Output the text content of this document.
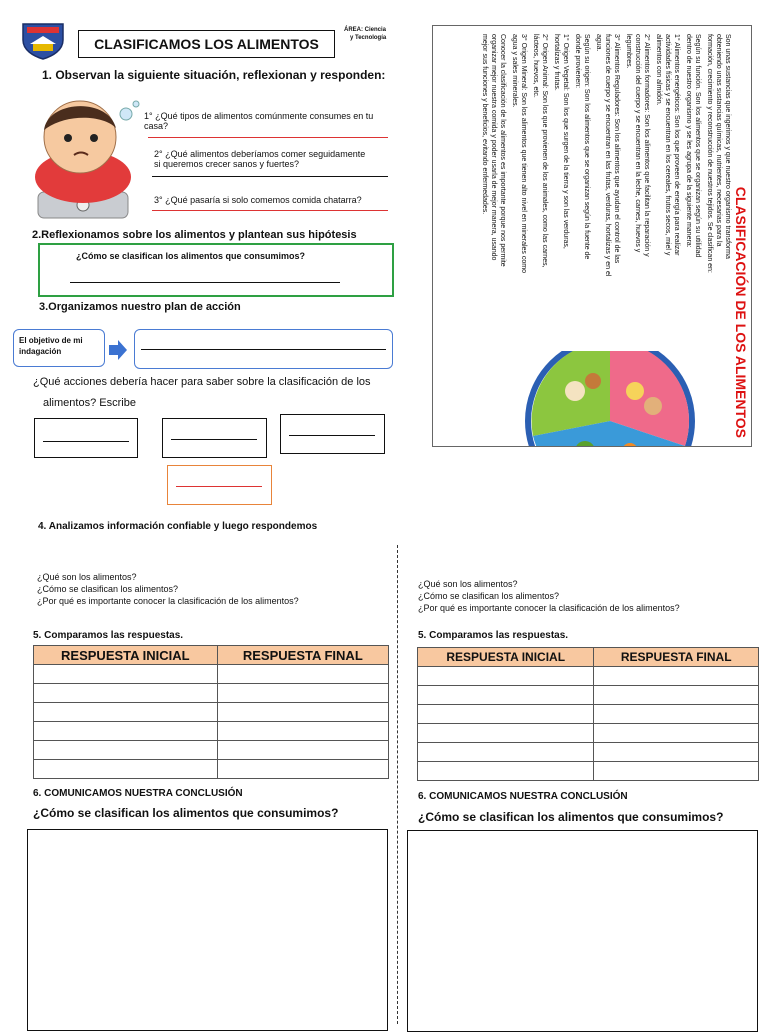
CLASIFICAMOS LOS ALIMENTOS
ÁREA: Ciencia
y Tecnología
1. Observan la siguiente situación, reflexionan y responden:
1° ¿Qué tipos de alimentos comúnmente consumes en tu casa?
2° ¿Qué alimentos deberíamos comer seguidamente
si queremos crecer sanos y fuertes?
3° ¿Qué pasaría si solo comemos comida chatarra?
2.Reflexionamos sobre los alimentos y plantean sus hipótesis
¿Cómo se clasifican los alimentos que consumimos?
3.Organizamos nuestro plan de acción
El objetivo de mi indagación
¿Qué acciones debería hacer para saber sobre la clasificación de los
alimentos? Escribe	CLASIFICACIÓN DE LOS ALIMENTOS

Son unas sustancias que ingerimos y que nuestro organismo transforma obteniendo unas sustancias químicas, nutrientes, necesarias para la formación, crecimiento y reconstrucción de nuestros tejidos. Se clasifican en:

Según su función. Son los alimentos que se organizan según su utilidad dentro de nuestro organismo y se les agrupa de la siguiente manera:

1° Alimentos energéticos: Son los que proveen de energía para realizar actividades físicas y se encuentran en los cereales, frutos secos, miel y alimentos con almidón.

2° Alimentos formadores: Son los alimentos que facilitan la reparación y construcción del cuerpo y se encuentran en la leche, carnes, huevos y legumbres.

3° Alimentos Reguladores: Son los alimentos que ayudan el control de las funciones de cuerpo y se encuentran en las frutas, verduras, hortalizas y en el agua.

Según su origen: Son los alimentos que se organizan según la fuente de donde provienen:

1° Origen Vegetal: Son los que surgen de la tierra y son las verduras, hortalizas y frutas.

2° Origen Animal: Son los que provienen de los animales, como las carnes, lácteos, huevos, etc.

3° Origen Mineral: Son los alimentos que tienen alto nivel en minerales como agua y sales minerales.

Conocer la clasificación de los alimentos es importante porque nos permite organizar mejor nuestra comida y poder usarla de mejor manera, usando mejor sus funciones y beneficios, evitando enfermedades.

4. Analizamos información confiable y luego respondemos
¿Qué son los alimentos?
¿Cómo se clasifican los alimentos?
¿Por qué es importante conocer la clasificación de los alimentos?
5. Comparamos las respuestas.
RESPUESTA INICIAL	RESPUESTA FINAL

6. COMUNICAMOS NUESTRA CONCLUSIÓN
¿Cómo se clasifican los alimentos que consumimos?
¿Qué son los alimentos?
¿Cómo se clasifican los alimentos?
¿Por qué es importante conocer la clasificación de los alimentos?
5. Comparamos las respuestas.
RESPUESTA INICIAL	RESPUESTA FINAL

6. COMUNICAMOS NUESTRA CONCLUSIÓN
¿Cómo se clasifican los alimentos que consumimos?
